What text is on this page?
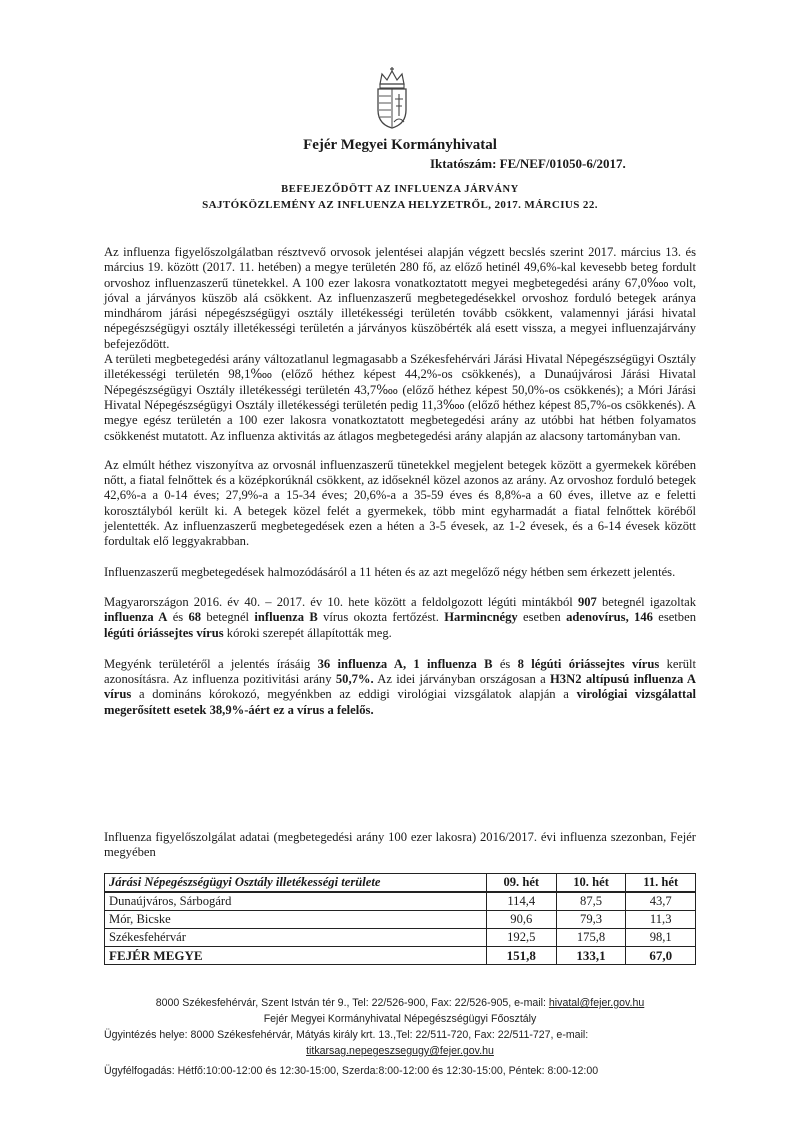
Fejér Megyei Kormányhivatal
Iktatószám: FE/NEF/01050-6/2017.
BEFEJEZŐDÖTT AZ INFLUENZA JÁRVÁNY
SAJTÓKÖZLEMÉNY AZ INFLUENZA HELYZETRŐL, 2017. MÁRCIUS 22.

Az influenza figyelőszolgálatban résztvevő orvosok jelentései alapján végzett becslés szerint 2017. március 13. és március 19. között (2017. 11. hetében) a megye területén 280 fő, az előző hetinél 49,6%-kal kevesebb beteg fordult orvoshoz influenzaszerű tünetekkel. A 100 ezer lakosra vonatkoztatott megyei megbetegedési arány 67,0‱ volt, jóval a járványos küszöb alá csökkent. Az influenzaszerű megbetegedésekkel orvoshoz forduló betegek aránya mindhárom járási népegészségügyi osztály illetékességi területén tovább csökkent, valamennyi járási hivatal népegészségügyi osztály illetékességi területén a járványos küszöbérték alá esett vissza, a megyei influenzajárvány befejeződött.

A területi megbetegedési arány változatlanul legmagasabb a Székesfehérvári Járási Hivatal Népegészségügyi Osztály illetékességi területén 98,1‱ (előző héthez képest 44,2%-os csökkenés), a Dunaújvárosi Járási Hivatal Népegészségügyi Osztály illetékességi területén 43,7‱ (előző héthez képest 50,0%-os csökkenés); a Móri Járási Hivatal Népegészségügyi Osztály illetékességi területén pedig 11,3‱ (előző héthez képest 85,7%-os csökkenés). A megye egész területén a 100 ezer lakosra vonatkoztatott megbetegedési arány az utóbbi hat hétben folyamatos csökkenést mutatott. Az influenza aktivitás az átlagos megbetegedési arány alapján az alacsony tartományban van.

Az elmúlt héthez viszonyítva az orvosnál influenzaszerű tünetekkel megjelent betegek között a gyermekek körében nőtt, a fiatal felnőttek és a középkorúknál csökkent, az időseknél közel azonos az arány. Az orvoshoz forduló betegek 42,6%-a a 0-14 éves; 27,9%-a a 15-34 éves; 20,6%-a a 35-59 éves és 8,8%-a a 60 éves, illetve az e feletti korosztályból került ki. A betegek közel felét a gyermekek, több mint egyharmadát a fiatal felnőttek köréből jelentették. Az influenzaszerű megbetegedések ezen a héten a 3-5 évesek, az 1-2 évesek, és a 6-14 évesek között fordultak elő leggyakrabban.

Influenzaszerű megbetegedések halmozódásáról a 11 héten és az azt megelőző négy hétben sem érkezett jelentés.

Magyarországon 2016. év 40. – 2017. év 10. hete között a feldolgozott légúti mintákból 907 betegnél igazoltak influenza A és 68 betegnél influenza B vírus okozta fertőzést. Harmincnégy esetben adenovírus, 146 esetben légúti óriássejtes vírus kóroki szerepét állapították meg.

Megyénk területéről a jelentés írásáig 36 influenza A, 1 influenza B és 8 légúti óriássejtes vírus került azonosításra. Az influenza pozitivitási arány 50,7%. Az idei járványban országosan a H3N2 altípusú influenza A vírus a domináns kórokozó, megyénkben az eddigi virológiai vizsgálatok alapján a virológiai vizsgálattal megerősített esetek 38,9%-áért ez a vírus a felelős.

Influenza figyelőszolgálat adatai (megbetegedési arány 100 ezer lakosra) 2016/2017. évi influenza szezonban, Fejér megyében
Járási Népegészségügyi Osztály illetékességi területe	09. hét	10. hét	11. hét
Dunaújváros, Sárbogárd	114,4	87,5	43,7
Mór, Bicske	90,6	79,3	11,3
Székesfehérvár	192,5	175,8	98,1
FEJÉR MEGYE	151,8	133,1	67,0
8000 Székesfehérvár, Szent István tér 9., Tel: 22/526-900, Fax: 22/526-905, e-mail: hivatal@fejer.gov.hu
Fejér Megyei Kormányhivatal Népegészségügyi Főosztály
Ügyintézés helye: 8000 Székesfehérvár, Mátyás király krt. 13.,Tel: 22/511-720, Fax: 22/511-727, e-mail:
titkarsag.nepegeszsegugy@fejer.gov.hu
Ügyfélfogadás: Hétfő:10:00-12:00 és 12:30-15:00, Szerda:8:00-12:00 és 12:30-15:00, Péntek: 8:00-12:00
